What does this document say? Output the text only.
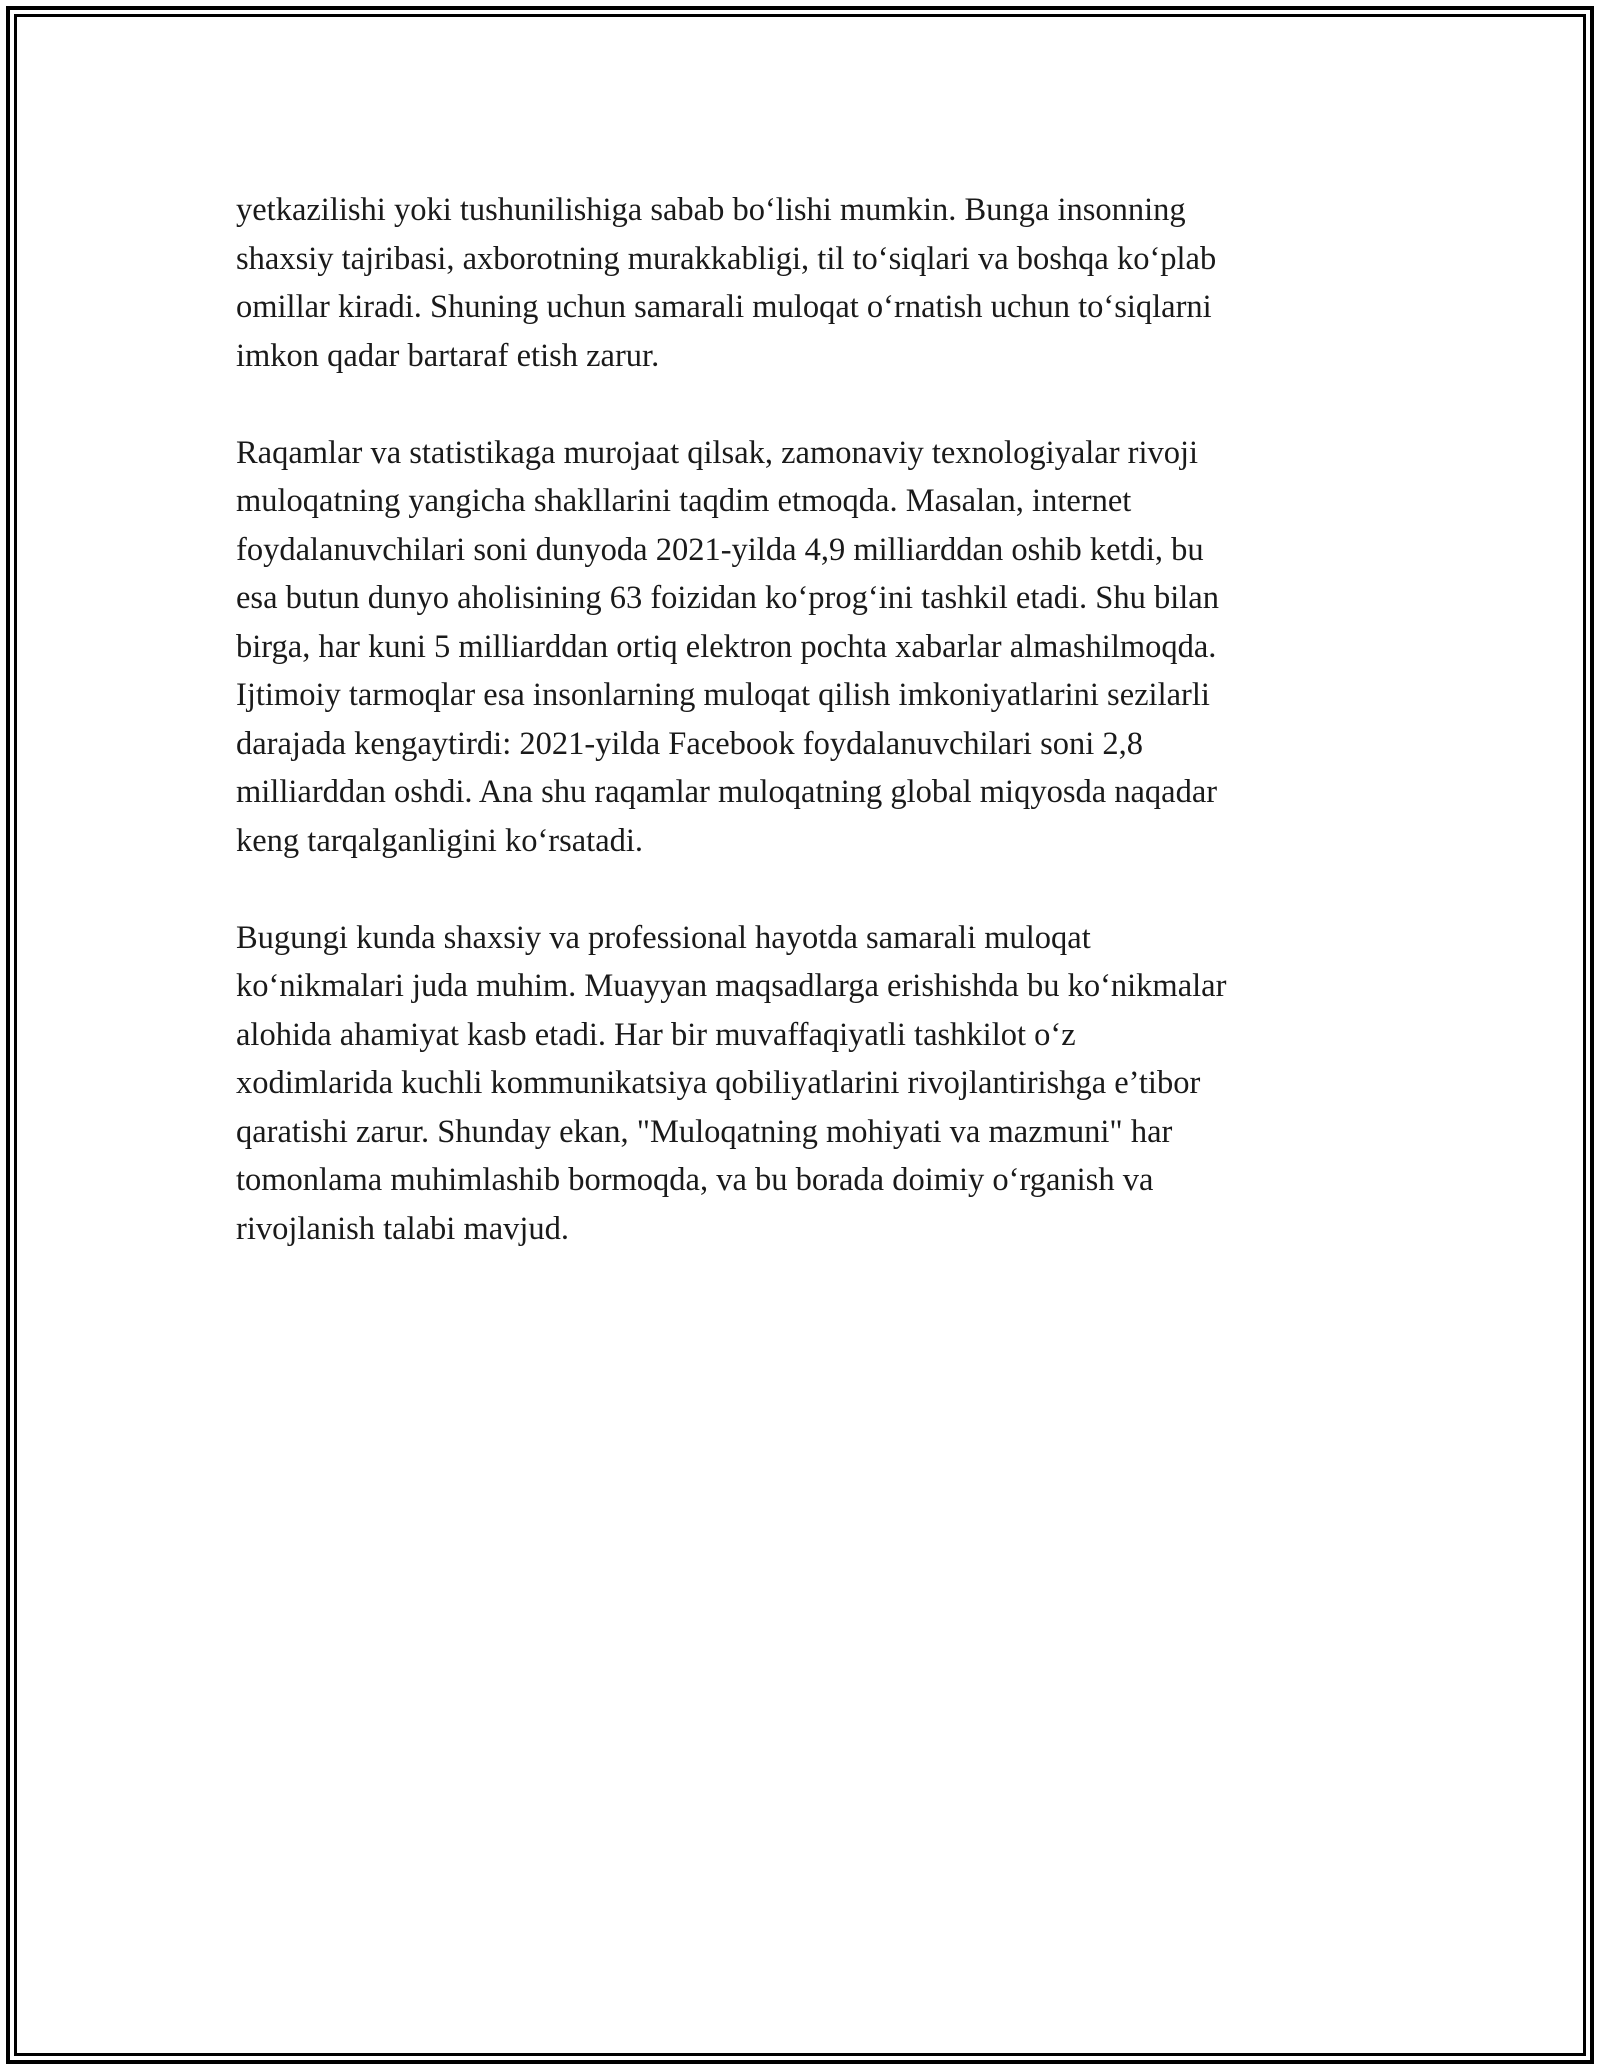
yetkazilishi yoki tushunilishiga sabab bo‘lishi mumkin. Bunga insonning
shaxsiy tajribasi, axborotning murakkabligi, til to‘siqlari va boshqa ko‘plab
omillar kiradi. Shuning uchun samarali muloqat o‘rnatish uchun to‘siqlarni
imkon qadar bartaraf etish zarur.

Raqamlar va statistikaga murojaat qilsak, zamonaviy texnologiyalar rivoji
muloqatning yangicha shakllarini taqdim etmoqda. Masalan, internet
foydalanuvchilari soni dunyoda 2021-yilda 4,9 milliarddan oshib ketdi, bu
esa butun dunyo aholisining 63 foizidan ko‘prog‘ini tashkil etadi. Shu bilan
birga, har kuni 5 milliarddan ortiq elektron pochta xabarlar almashilmoqda.
Ijtimoiy tarmoqlar esa insonlarning muloqat qilish imkoniyatlarini sezilarli
darajada kengaytirdi: 2021-yilda Facebook foydalanuvchilari soni 2,8
milliarddan oshdi. Ana shu raqamlar muloqatning global miqyosda naqadar
keng tarqalganligini ko‘rsatadi.

Bugungi kunda shaxsiy va professional hayotda samarali muloqat
ko‘nikmalari juda muhim. Muayyan maqsadlarga erishishda bu ko‘nikmalar
alohida ahamiyat kasb etadi. Har bir muvaffaqiyatli tashkilot o‘z
xodimlarida kuchli kommunikatsiya qobiliyatlarini rivojlantirishga e’tibor
qaratishi zarur. Shunday ekan, "Muloqatning mohiyati va mazmuni" har
tomonlama muhimlashib bormoqda, va bu borada doimiy o‘rganish va
rivojlanish talabi mavjud.
